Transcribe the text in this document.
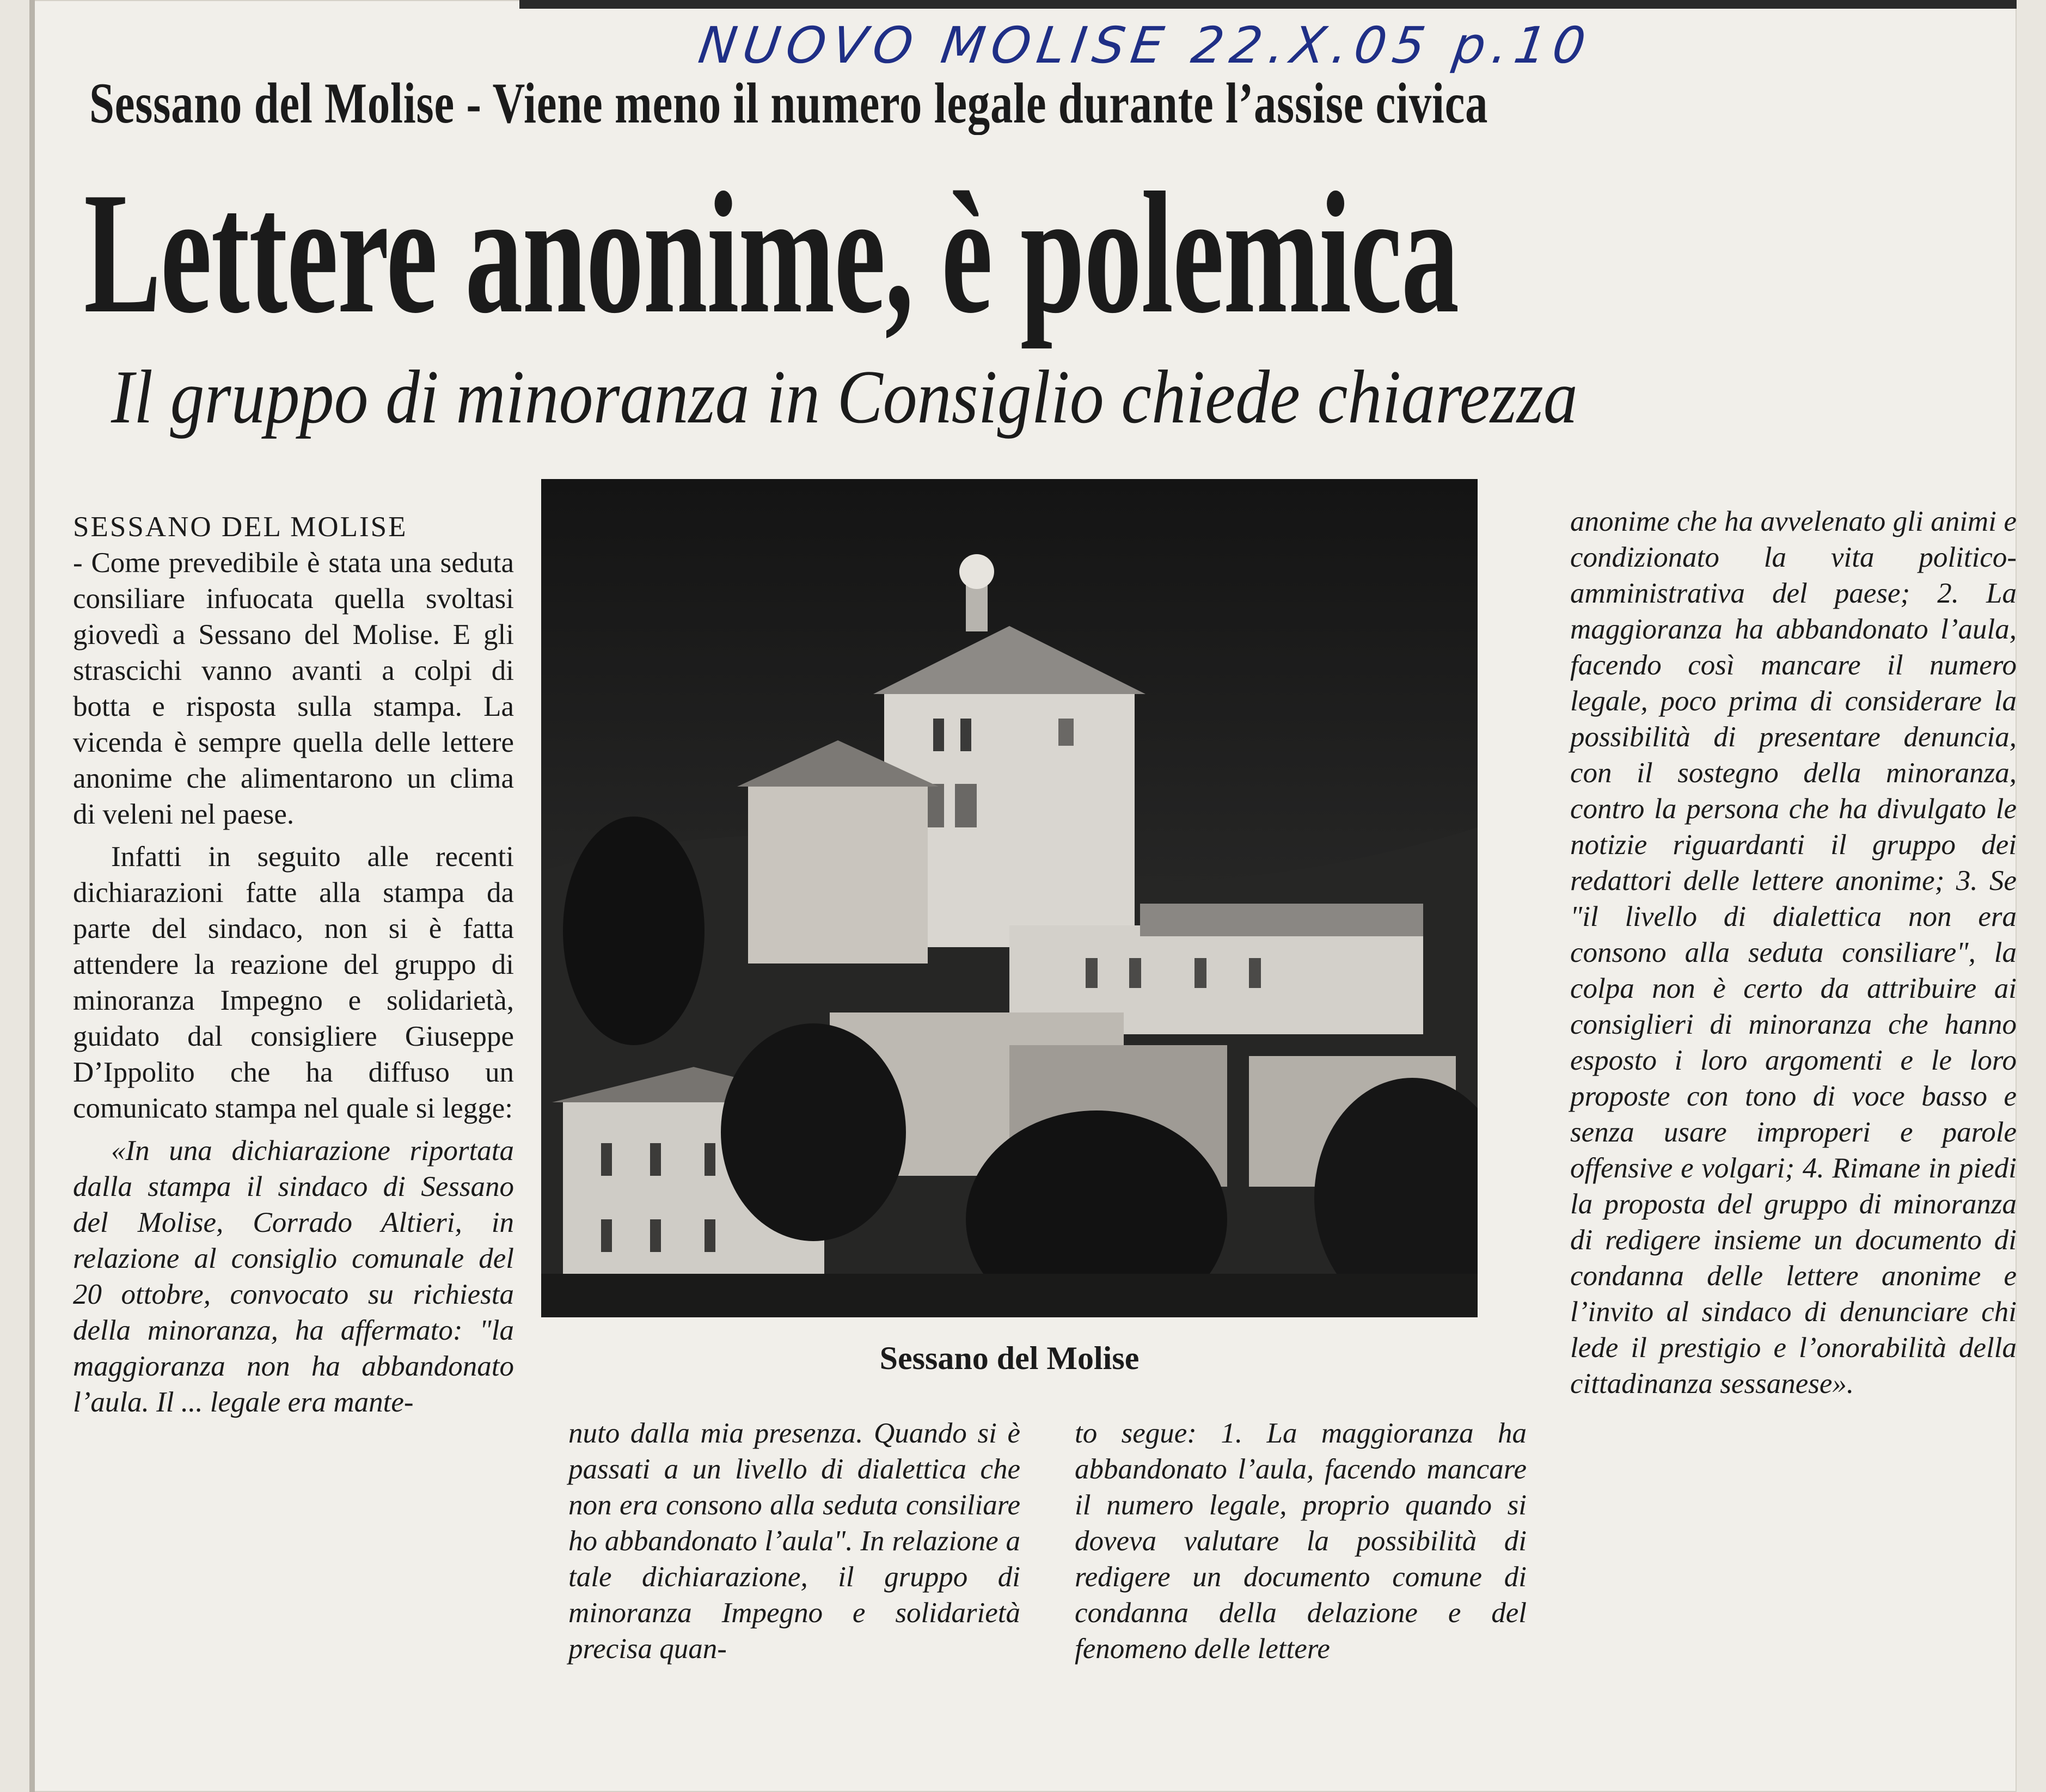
NUOVO MOLISE 22.X.05 p.10
Sessano del Molise - Viene meno il numero legale durante l’assise civica
Lettere anonime, è polemica
Il gruppo di minoranza in Consiglio chiede chiarezza

SESSANO DEL MOLISE

- Come prevedibile è stata una seduta consiliare infuocata quella svoltasi giovedì a Sessano del Molise. E gli strascichi vanno avanti a colpi di botta e risposta sulla stampa. La vicenda è sempre quella delle lettere anonime che alimentarono un clima di veleni nel paese.

Infatti in seguito alle recenti dichiarazioni fatte alla stampa da parte del sindaco, non si è fatta attendere la reazione del gruppo di minoranza Impegno e solidarietà, guidato dal consigliere Giuseppe D’Ippolito che ha diffuso un comunicato stampa nel quale si legge:

«In una dichiarazione riportata dalla stampa il sindaco di Sessano del Molise, Corrado Altieri, in relazione al consiglio comunale del 20 ottobre, convocato su richiesta della minoranza, ha affermato: "la maggioranza non ha abbandonato l’aula. Il ... legale era mante-

Sessano del Molise
nuto dalla mia presenza. Quando si è passati a un livello di dialettica che non era consono alla seduta consiliare ho abbandonato l’aula". In relazione a tale dichiarazione, il gruppo di minoranza Impegno e solidarietà precisa quan-
to segue: 1. La maggioranza ha abbandonato l’aula, facendo mancare il numero legale, proprio quando si doveva valutare la possibilità di redigere un documento comune di condanna della delazione e del fenomeno delle lettere
anonime che ha avvelenato gli animi e condizionato la vita politico-amministrativa del paese; 2. La maggioranza ha abbandonato l’aula, facendo così mancare il numero legale, poco prima di considerare la possibilità di presentare denuncia, con il sostegno della minoranza, contro la persona che ha divulgato le notizie riguardanti il gruppo dei redattori delle lettere anonime; 3. Se "il livello di dialettica non era consono alla seduta consiliare", la colpa non è certo da attribuire ai consiglieri di minoranza che hanno esposto i loro argomenti e le loro proposte con tono di voce basso e senza usare improperi e parole offensive e volgari; 4. Rimane in piedi la proposta del gruppo di minoranza di redigere insieme un documento di condanna delle lettere anonime e l’invito al sindaco di denunciare chi lede il prestigio e l’onorabilità della cittadinanza sessanese».
